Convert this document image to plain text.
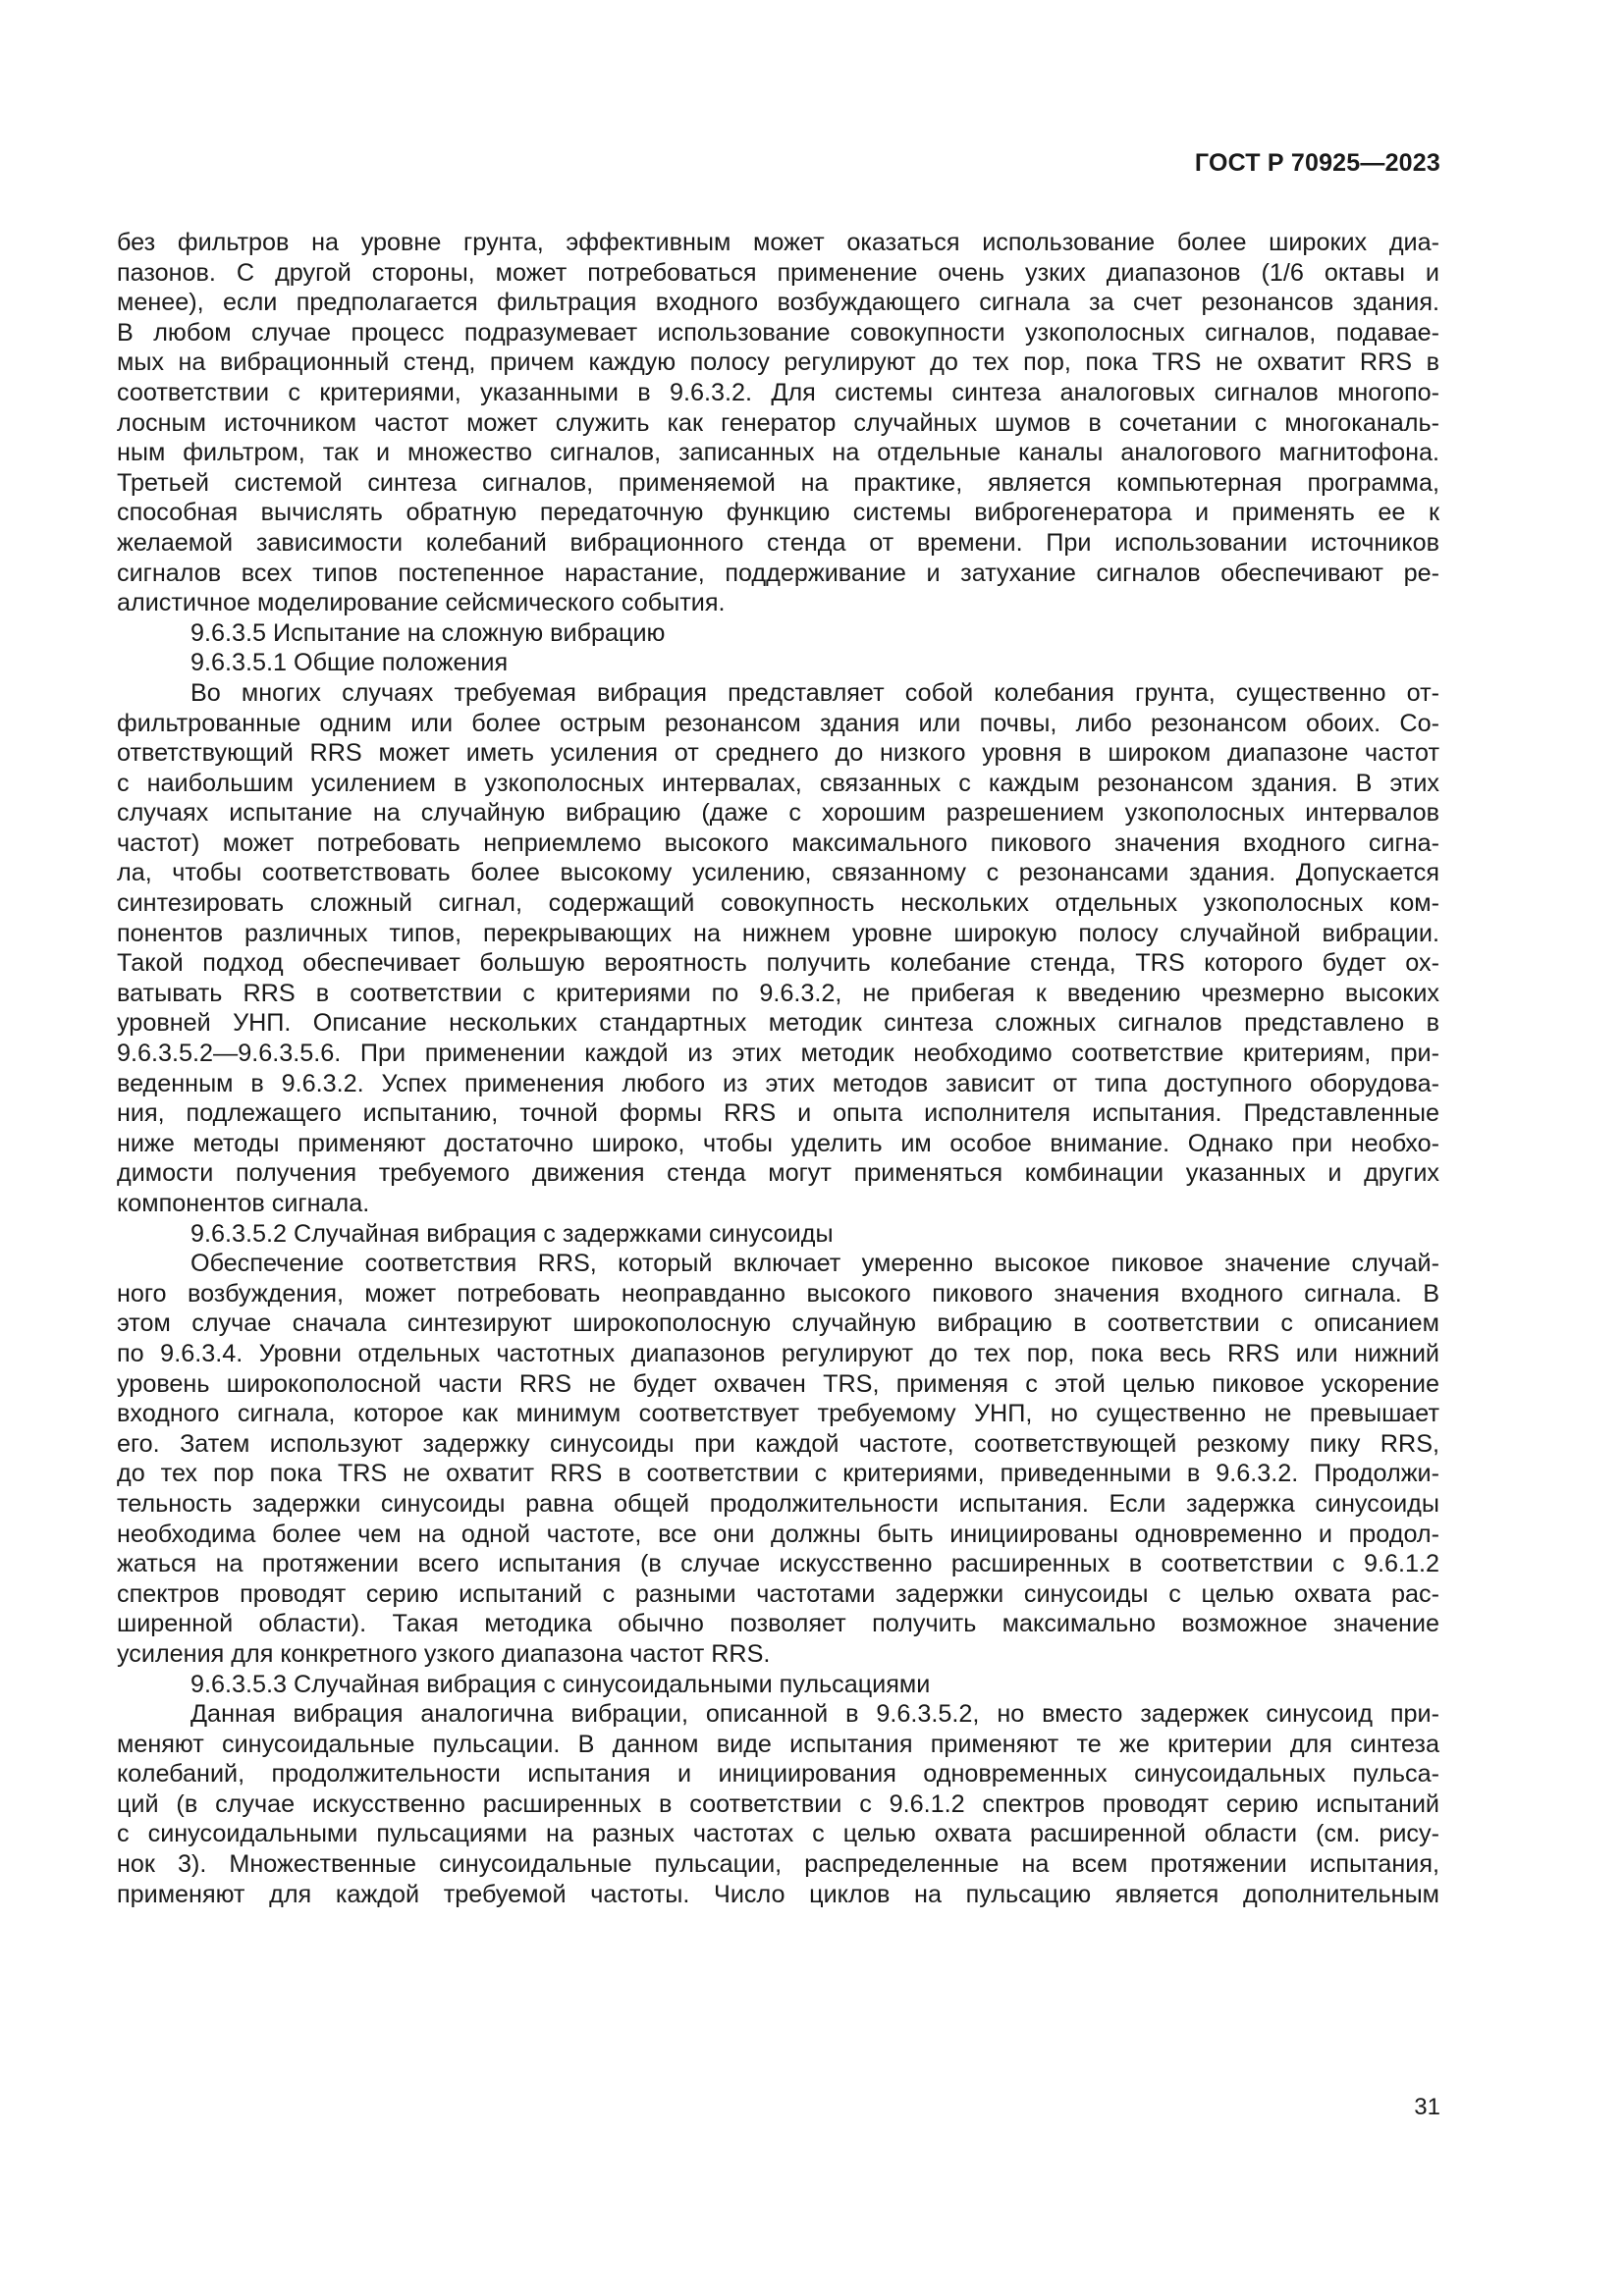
ГОСТ Р 70925—2023

без фильтров на уровне грунта, эффективным может оказаться использование более широких диа-
пазонов. С другой стороны, может потребоваться применение очень узких диапазонов (1/6 октавы и
менее), если предполагается фильтрация входного возбуждающего сигнала за счет резонансов здания.
В любом случае процесс подразумевает использование совокупности узкополосных сигналов, подавае-
мых на вибрационный стенд, причем каждую полосу регулируют до тех пор, пока TRS не охватит RRS в
соответствии с критериями, указанными в 9.6.3.2. Для системы синтеза аналоговых сигналов многопо-
лосным источником частот может служить как генератор случайных шумов в сочетании с многоканаль-
ным фильтром, так и множество сигналов, записанных на отдельные каналы аналогового магнитофона.
Третьей системой синтеза сигналов, применяемой на практике, является компьютерная программа,
способная вычислять обратную передаточную функцию системы виброгенератора и применять ее к
желаемой зависимости колебаний вибрационного стенда от времени. При использовании источников
сигналов всех типов постепенное нарастание, поддерживание и затухание сигналов обеспечивают ре-
алистичное моделирование сейсмического события.
9.6.3.5 Испытание на сложную вибрацию
9.6.3.5.1 Общие положения
Во многих случаях требуемая вибрация представляет собой колебания грунта, существенно от-
фильтрованные одним или более острым резонансом здания или почвы, либо резонансом обоих. Со-
ответствующий RRS может иметь усиления от среднего до низкого уровня в широком диапазоне частот
с наибольшим усилением в узкополосных интервалах, связанных с каждым резонансом здания. В этих
случаях испытание на случайную вибрацию (даже с хорошим разрешением узкополосных интервалов
частот) может потребовать неприемлемо высокого максимального пикового значения входного сигна-
ла, чтобы соответствовать более высокому усилению, связанному с резонансами здания. Допускается
синтезировать сложный сигнал, содержащий совокупность нескольких отдельных узкополосных ком-
понентов различных типов, перекрывающих на нижнем уровне широкую полосу случайной вибрации.
Такой подход обеспечивает большую вероятность получить колебание стенда, TRS которого будет ох-
ватывать RRS в соответствии с критериями по 9.6.3.2, не прибегая к введению чрезмерно высоких
уровней УНП. Описание нескольких стандартных методик синтеза сложных сигналов представлено в
9.6.3.5.2—9.6.3.5.6. При применении каждой из этих методик необходимо соответствие критериям, при-
веденным в 9.6.3.2. Успех применения любого из этих методов зависит от типа доступного оборудова-
ния, подлежащего испытанию, точной формы RRS и опыта исполнителя испытания. Представленные
ниже методы применяют достаточно широко, чтобы уделить им особое внимание. Однако при необхо-
димости получения требуемого движения стенда могут применяться комбинации указанных и других
компонентов сигнала.
9.6.3.5.2 Случайная вибрация с задержками синусоиды
Обеспечение соответствия RRS, который включает умеренно высокое пиковое значение случай-
ного возбуждения, может потребовать неоправданно высокого пикового значения входного сигнала. В
этом случае сначала синтезируют широкополосную случайную вибрацию в соответствии с описанием
по 9.6.3.4. Уровни отдельных частотных диапазонов регулируют до тех пор, пока весь RRS или нижний
уровень широкополосной части RRS не будет охвачен TRS, применяя с этой целью пиковое ускорение
входного сигнала, которое как минимум соответствует требуемому УНП, но существенно не превышает
его. Затем используют задержку синусоиды при каждой частоте, соответствующей резкому пику RRS,
до тех пор пока TRS не охватит RRS в соответствии с критериями, приведенными в 9.6.3.2. Продолжи-
тельность задержки синусоиды равна общей продолжительности испытания. Если задержка синусоиды
необходима более чем на одной частоте, все они должны быть инициированы одновременно и продол-
жаться на протяжении всего испытания (в случае искусственно расширенных в соответствии с 9.6.1.2
спектров проводят серию испытаний с разными частотами задержки синусоиды с целью охвата рас-
ширенной области). Такая методика обычно позволяет получить максимально возможное значение
усиления для конкретного узкого диапазона частот RRS.
9.6.3.5.3 Случайная вибрация с синусоидальными пульсациями
Данная вибрация аналогична вибрации, описанной в 9.6.3.5.2, но вместо задержек синусоид при-
меняют синусоидальные пульсации. В данном виде испытания применяют те же критерии для синтеза
колебаний, продолжительности испытания и инициирования одновременных синусоидальных пульса-
ций (в случае искусственно расширенных в соответствии с 9.6.1.2 спектров проводят серию испытаний
с синусоидальными пульсациями на разных частотах с целью охвата расширенной области (см. рису-
нок 3). Множественные синусоидальные пульсации, распределенные на всем протяжении испытания,
применяют для каждой требуемой частоты. Число циклов на пульсацию является дополнительным

31
